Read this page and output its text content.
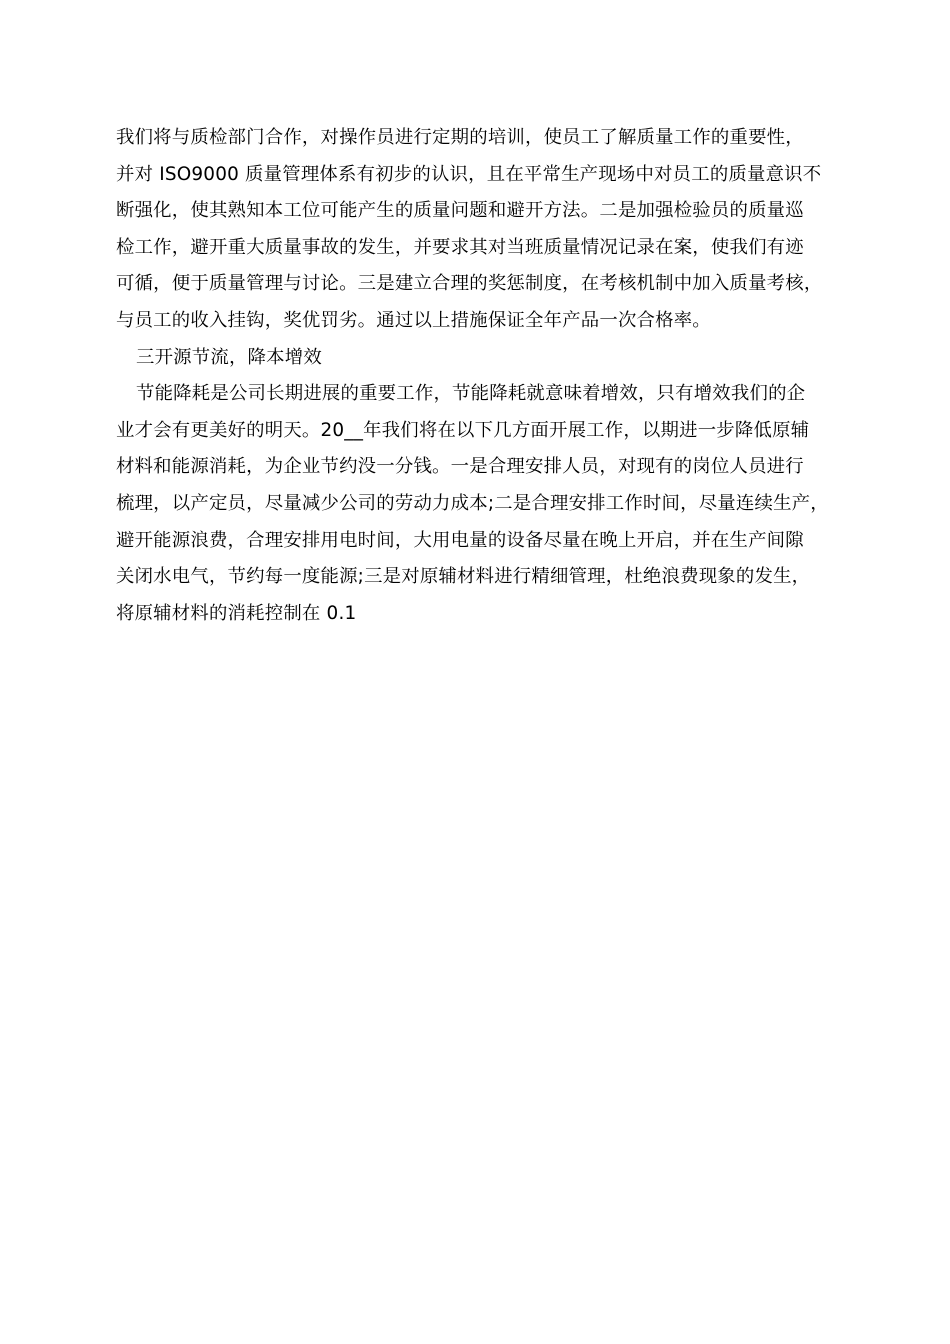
我们将与质检部门合作，对操作员进行定期的培训，使员工了解质量工作的重要性，
并对 ISO9000 质量管理体系有初步的认识，且在平常生产现场中对员工的质量意识不
断强化，使其熟知本工位可能产生的质量问题和避开方法。二是加强检验员的质量巡
检工作，避开重大质量事故的发生，并要求其对当班质量情况记录在案，使我们有迹
可循，便于质量管理与讨论。三是建立合理的奖惩制度，在考核机制中加入质量考核，
与员工的收入挂钩，奖优罚劣。通过以上措施保证全年产品一次合格率。
三开源节流，降本增效
节能降耗是公司长期进展的重要工作，节能降耗就意味着增效，只有增效我们的企
业才会有更美好的明天。20__年我们将在以下几方面开展工作，以期进一步降低原辅
材料和能源消耗，为企业节约没一分钱。一是合理安排人员，对现有的岗位人员进行
梳理，以产定员，尽量减少公司的劳动力成本;二是合理安排工作时间，尽量连续生产，
避开能源浪费，合理安排用电时间，大用电量的设备尽量在晚上开启，并在生产间隙
关闭水电气，节约每一度能源;三是对原辅材料进行精细管理，杜绝浪费现象的发生，
将原辅材料的消耗控制在 0.1
